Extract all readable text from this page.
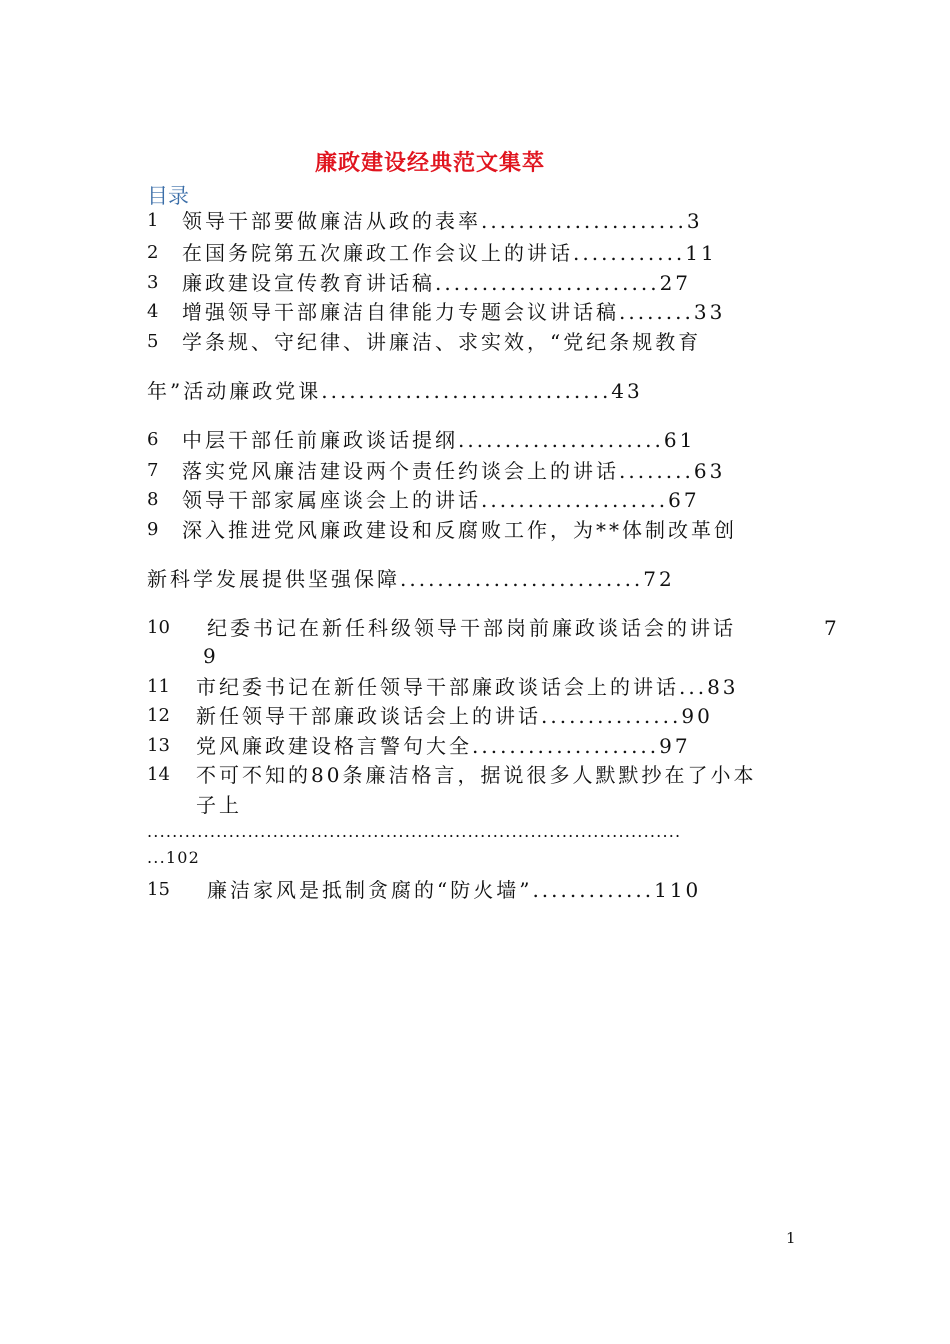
廉政建设经典范文集萃
目录
1 领导干部要做廉洁从政的表率......................3
2 在国务院第五次廉政工作会议上的讲话............11
3 廉政建设宣传教育讲话稿........................27
4 增强领导干部廉洁自律能力专题会议讲话稿........33
5 学条规、守纪律、讲廉洁、求实效，“党纪条规教育
年”活动廉政党课...............................43
6 中层干部任前廉政谈话提纲......................61
7 落实党风廉洁建设两个责任约谈会上的讲话........63
8 领导干部家属座谈会上的讲话....................67
9 深入推进党风廉政建设和反腐败工作，为**体制改革创
新科学发展提供坚强保障..........................72
10 纪委书记在新任科级领导干部岗前廉政谈话会的讲话	7
9
11 市纪委书记在新任领导干部廉政谈话会上的讲话...83
12 新任领导干部廉政谈话会上的讲话...............90
13 党风廉政建设格言警句大全....................97
14 不可不知的80条廉洁格言，据说很多人默默抄在了小本
子上
.....................................................................................
...102
15 廉洁家风是抵制贪腐的“防火墙”.............110
1
